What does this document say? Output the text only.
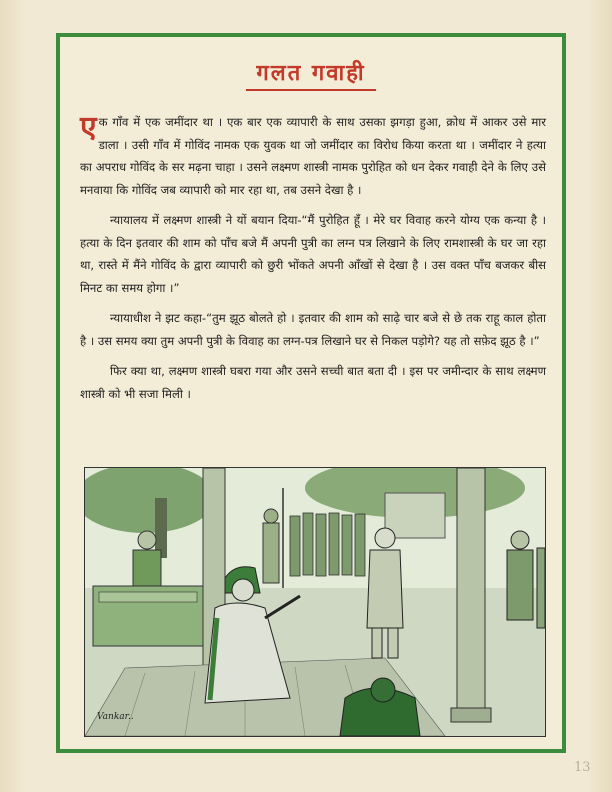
गलत गवाही

एक गाँव में एक जमींदार था । एक बार एक व्यापारी के साथ उसका झगड़ा हुआ, क्रोध में आकर उसे मार डाला । उसी गाँव में गोविंद नामक एक युवक था जो जमींदार का विरोध किया करता था । जमींदार ने हत्या का अपराध गोविंद के सर मढ़ना चाहा । उसने लक्ष्मण शास्त्री नामक पुरोहित को धन देकर गवाही देने के लिए उसे मनवाया कि गोविंद जब व्यापारी को मार रहा था, तब उसने देखा है ।

न्यायालय में लक्ष्मण शास्त्री ने यों बयान दिया-“मैं पुरोहित हूँ । मेरे घर विवाह करने योग्य एक कन्या है । हत्या के दिन इतवार की शाम को पाँच बजे मैं अपनी पुत्री का लग्न पत्र लिखाने के लिए रामशास्त्री के घर जा रहा था, रास्ते में मैंने गोविंद के द्वारा व्यापारी को छुरी भोंकते अपनी आँखों से देखा है । उस वक्त पाँच बजकर बीस मिनट का समय होगा ।”

न्यायाधीश ने झट कहा-“तुम झूठ बोलते हो । इतवार की शाम को साढ़े चार बजे से छे तक राहू काल होता है । उस समय क्या तुम अपनी पुत्री के विवाह का लग्न-पत्र लिखाने घर से निकल पड़ोगे? यह तो सफ़ेद झूठ है ।”

फिर क्या था, लक्ष्मण शास्त्री घबरा गया और उसने सच्ची बात बता दी । इस पर जमीन्दार के साथ लक्ष्मण शास्त्री को भी सजा मिली ।

Vankar..
13
